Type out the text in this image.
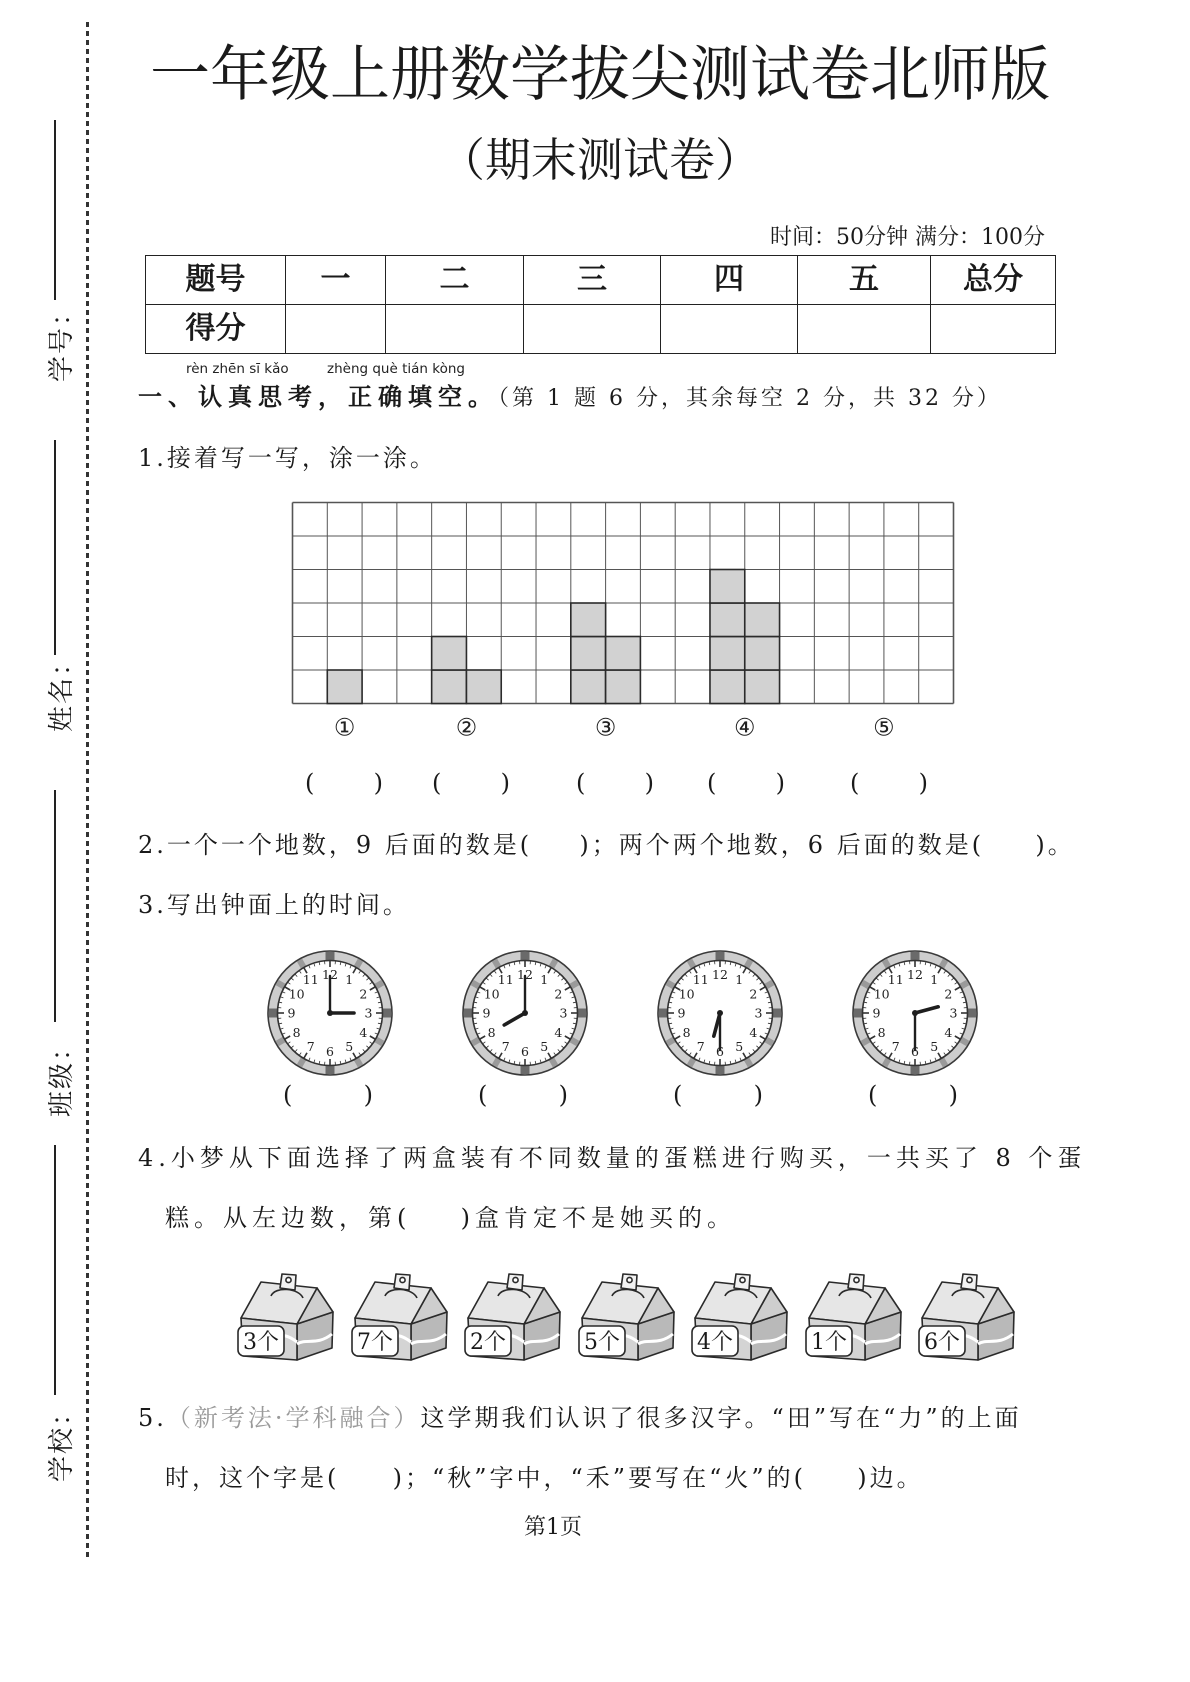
学号：
姓名：
班级：
学校：
一年级上册数学拔尖测试卷北师版
（期末测试卷）
时间：50分钟 满分：100分
题号	一	二	三	四	五	总分
得分						
rèn zhēn sī kǎo	zhèng què tián kòng
一、认真思考，正确填空。（第 1 题 6 分，其余每空 2 分，共 32 分）
1.接着写一写，涂一涂。
①	②	③	④	⑤
( ) ( )	( ) ( )	( )
2.一个一个地数，9 后面的数是 ( ) ；两个两个地数，6 后面的数是 ( ) 。
3.写出钟面上的时间。
12 1
2
3
4
5
6
7
8
9
10
11	12 1
2
3
4
5
6
7
8
9
10
11	12 1
2
3
4
5
6
7
8
9
10
11	12 1
2
3
4
5
6
7
8
9
10
11
(	)	(	)	(	)	(	)
4.小梦从下面选择了两盒装有不同数量的蛋糕进行购买，一共买了 8 个蛋
糕。从左边数，第 ( ) 盒肯定不是她买的。
3个	7个	2个	5个	4个	1个	6个
5.（新考法·学科融合）这学期我们认识了很多汉字。“田”写在“力”的上面
时，这个字是 ( ) ；“秋”字中，“禾”要写在“火”的 ( ) 边。
第1页
